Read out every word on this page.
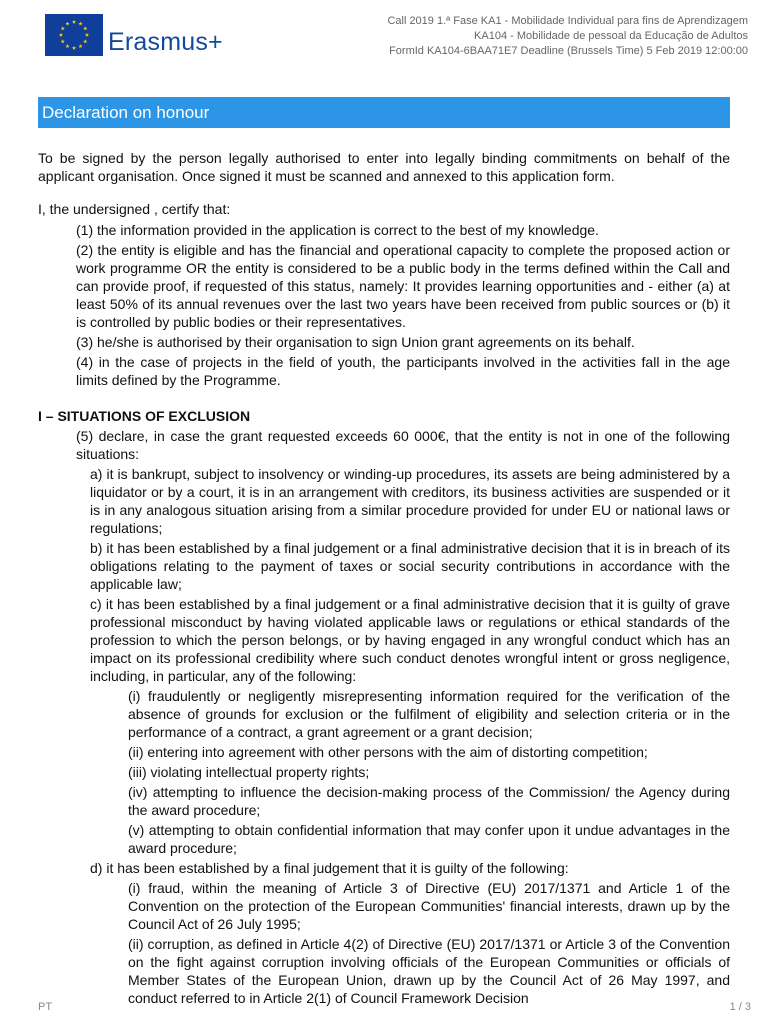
Erasmus+
Call 2019 1.ª Fase KA1 - Mobilidade Individual para fins de Aprendizagem
KA104 - Mobilidade de pessoal da Educação de Adultos
FormId KA104-6BAA71E7 Deadline (Brussels Time) 5 Feb 2019 12:00:00
Declaration on honour

To be signed by the person legally authorised to enter into legally binding commitments on behalf of the applicant organisation. Once signed it must be scanned and annexed to this application form.

I, the undersigned , certify that:

(1) the information provided in the application is correct to the best of my knowledge.

(2) the entity is eligible and has the financial and operational capacity to complete the proposed action or work programme OR the entity is considered to be a public body in the terms defined within the Call and can provide proof, if requested of this status, namely: It provides learning opportunities and - either (a) at least 50% of its annual revenues over the last two years have been received from public sources or (b) it is controlled by public bodies or their representatives.

(3) he/she is authorised by their organisation to sign Union grant agreements on its behalf.

(4) in the case of projects in the field of youth, the participants involved in the activities fall in the age limits defined by the Programme.

I – SITUATIONS OF EXCLUSION

(5) declare, in case the grant requested exceeds 60 000€, that the entity is not in one of the following situations:

a) it is bankrupt, subject to insolvency or winding-up procedures, its assets are being administered by a liquidator or by a court, it is in an arrangement with creditors, its business activities are suspended or it is in any analogous situation arising from a similar procedure provided for under EU or national laws or regulations;

b) it has been established by a final judgement or a final administrative decision that it is in breach of its obligations relating to the payment of taxes or social security contributions in accordance with the applicable law;

c) it has been established by a final judgement or a final administrative decision that it is guilty of grave professional misconduct by having violated applicable laws or regulations or ethical standards of the profession to which the person belongs, or by having engaged in any wrongful conduct which has an impact on its professional credibility where such conduct denotes wrongful intent or gross negligence, including, in particular, any of the following:

(i) fraudulently or negligently misrepresenting information required for the verification of the absence of grounds for exclusion or the fulfilment of eligibility and selection criteria or in the performance of a contract, a grant agreement or a grant decision;

(ii) entering into agreement with other persons with the aim of distorting competition;

(iii) violating intellectual property rights;

(iv) attempting to influence the decision-making process of the Commission/ the Agency during the award procedure;

(v) attempting to obtain confidential information that may confer upon it undue advantages in the award procedure;

d) it has been established by a final judgement that it is guilty of the following:

(i) fraud, within the meaning of Article 3 of Directive (EU) 2017/1371 and Article 1 of the Convention on the protection of the European Communities' financial interests, drawn up by the Council Act of 26 July 1995;

(ii) corruption, as defined in Article 4(2) of Directive (EU) 2017/1371 or Article 3 of the Convention on the fight against corruption involving officials of the European Communities or officials of Member States of the European Union, drawn up by the Council Act of 26 May 1997, and conduct referred to in Article 2(1) of Council Framework Decision

PT	1 / 3
